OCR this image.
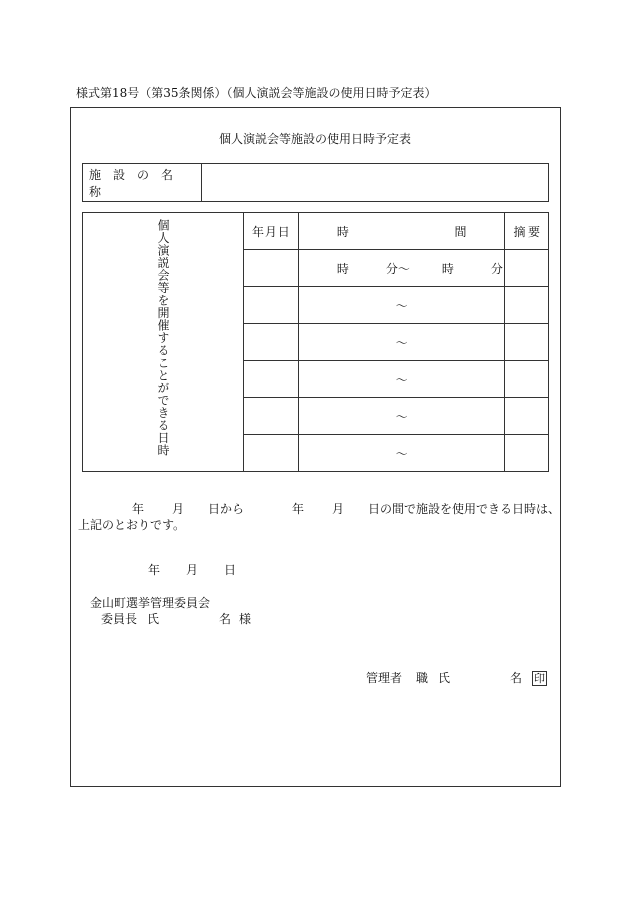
様式第18号（第35条関係）（個人演説会等施設の使用日時予定表）
個人演説会等施設の使用日時予定表
施設の名称	
個人演説会等を開催することができる日時	年 月 日	時 間	摘 要

		時 分〜 時 分	

		〜	
		〜	
		〜	
		〜	
		〜	
年 月 日から	年 月 日の間で施設を使用できる日時は、
上記のとおりです。
年 月 日
金山町選挙管理委員会
委員長 氏	名 様
管理者 職 氏	名 印
